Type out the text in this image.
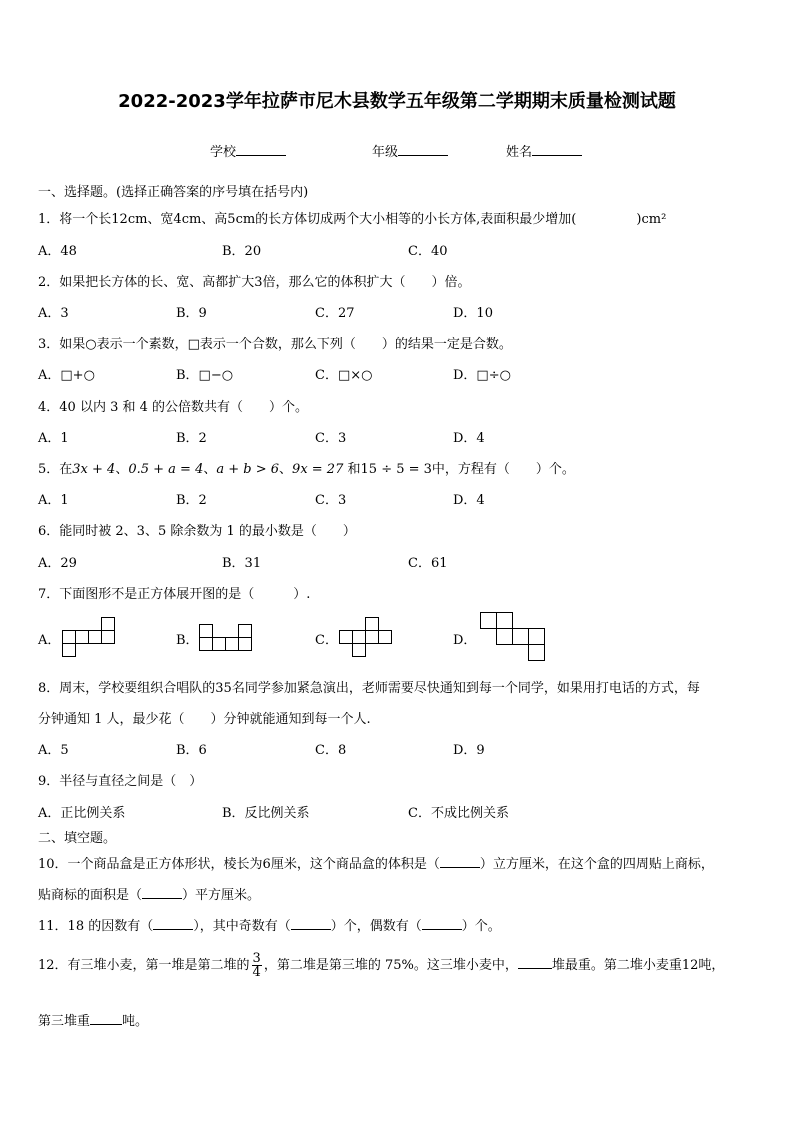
2022-2023学年拉萨市尼木县数学五年级第二学期期末质量检测试题
学校	年级	姓名
一、选择题。(选择正确答案的序号填在括号内)
1．将一个长12cm、宽4cm、高5cm的长方体切成两个大小相等的小长方体,表面积最少增加(	)cm²
A．48	B．20	C．40
2．如果把长方体的长、宽、高都扩大3倍，那么它的体积扩大（　　）倍。
A．3	B．9	C．27	D．10
3．如果○表示一个素数，□表示一个合数，那么下列（　　）的结果一定是合数。
A．□+○	B．□−○	C．□×○	D．□÷○
4．40 以内 3 和 4 的公倍数共有（　　）个。
A．1	B．2	C．3	D．4
5．在3x + 4、0.5 + a = 4、a + b > 6、9x = 27 和15 ÷ 5 = 3中，方程有（　　）个。
A．1	B．2	C．3	D．4
6．能同时被 2、3、5 除余数为 1 的最小数是（　　）
A．29	B．31	C．61
7．下面图形不是正方体展开图的是（　　　）.
A．	B．	C．	D．
8．周末，学校要组织合唱队的35名同学参加紧急演出，老师需要尽快通知到每一个同学，如果用打电话的方式，每
分钟通知 1 人，最少花（　　）分钟就能通知到每一个人.
A．5	B．6	C．8	D．9
9．半径与直径之间是（　）
A．正比例关系	B．反比例关系	C．不成比例关系
二、填空题。
10．一个商品盒是正方体形状，棱长为6厘米，这个商品盒的体积是（	）立方厘米，在这个盒的四周贴上商标，
贴商标的面积是（	）平方厘米。
11．18 的因数有（	），其中奇数有（	）个，偶数有（	）个。
12．有三堆小麦，第一堆是第二堆的 $\frac{3}{4}$ ，第二堆是第三堆的 75%。这三堆小麦中，	堆最重。第二堆小麦重12吨，
第三堆重 吨。
